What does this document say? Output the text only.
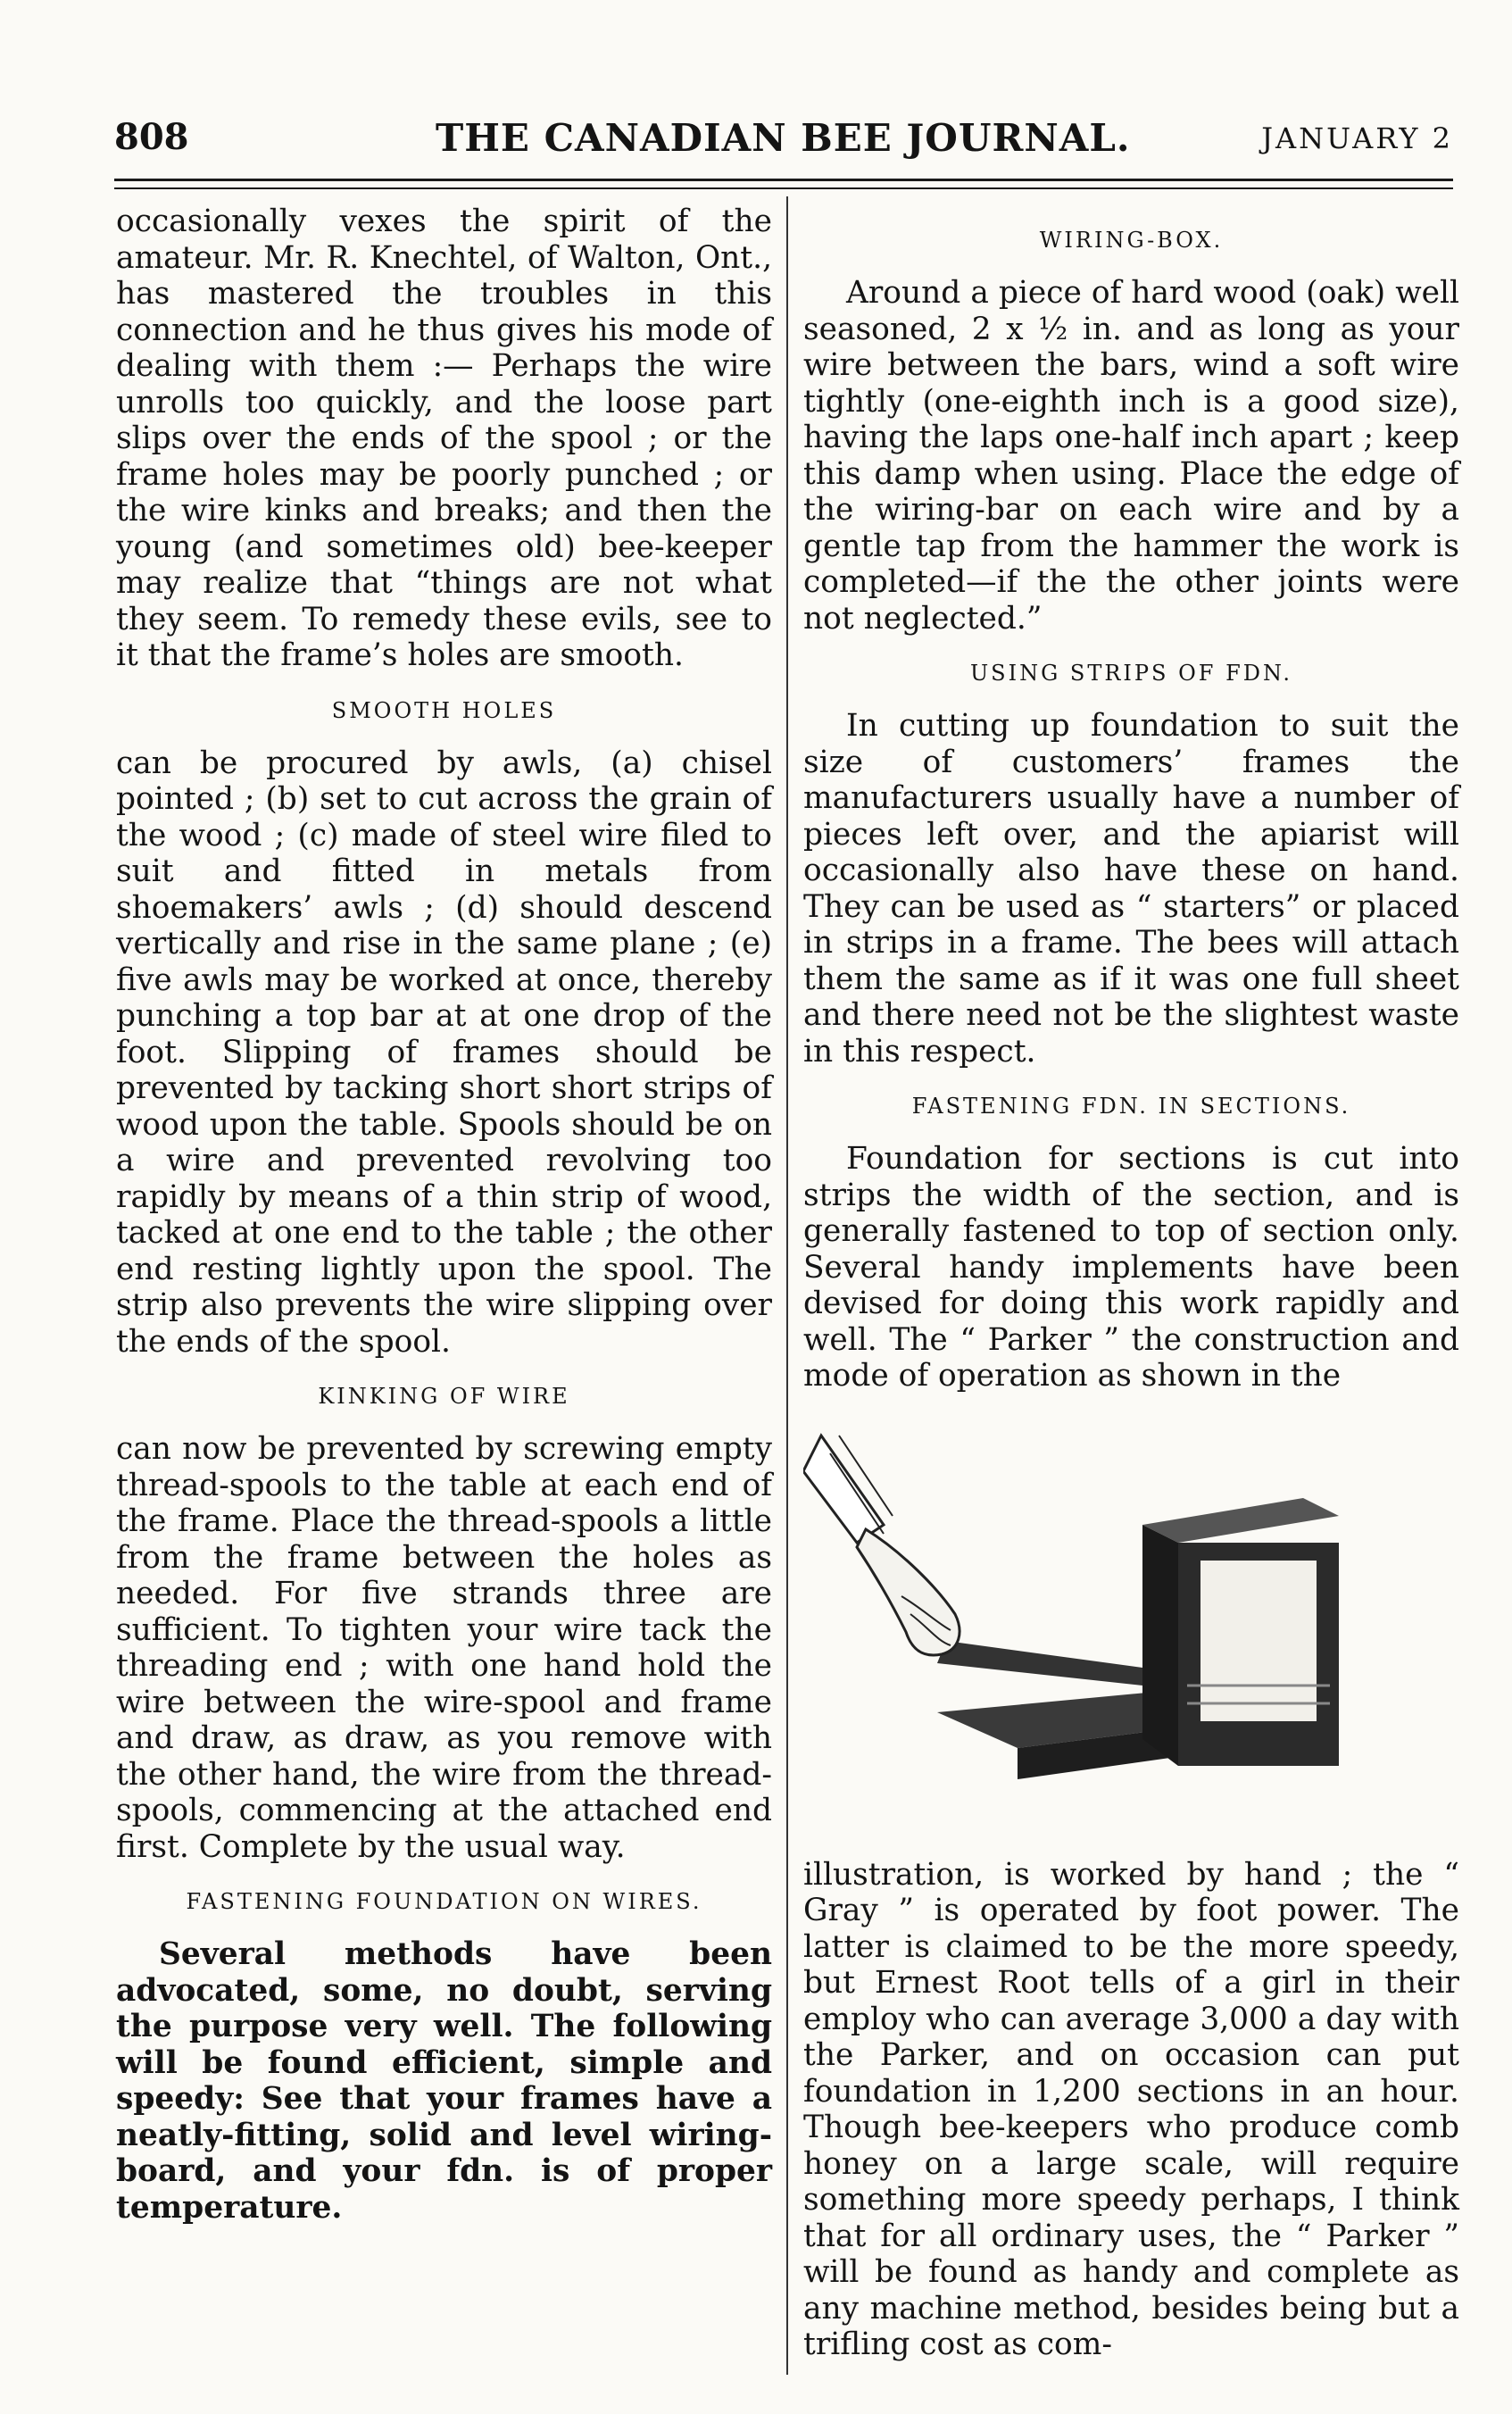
808	THE CANADIAN BEE JOURNAL.	JANUARY 2

occasionally vexes the spirit of the amateur. Mr. R. Knechtel, of Walton, Ont., has mastered the troubles in this connection and he thus gives his mode of dealing with them :— Perhaps the wire unrolls too quickly, and the loose part slips over the ends of the spool ; or the frame holes may be poorly punched ; or the wire kinks and breaks; and then the young (and sometimes old) bee-keeper may realize that “things are not what they seem. To remedy these evils, see to it that the frame’s holes are smooth.

SMOOTH HOLES

can be procured by awls, (a) chisel pointed ; (b) set to cut across the grain of the wood ; (c) made of steel wire filed to suit and fitted in metals from shoemakers’ awls ; (d) should descend vertically and rise in the same plane ; (e) five awls may be worked at once, thereby punching a top bar at at one drop of the foot. Slipping of frames should be prevented by tacking short short strips of wood upon the table. Spools should be on a wire and prevented revolving too rapidly by means of a thin strip of wood, tacked at one end to the table ; the other end resting lightly upon the spool. The strip also prevents the wire slipping over the ends of the spool.

KINKING OF WIRE

can now be prevented by screwing empty thread-spools to the table at each end of the frame. Place the thread-spools a little from the frame between the holes as needed. For five strands three are sufficient. To tighten your wire tack the threading end ; with one hand hold the wire between the wire-spool and frame and draw, as draw, as you remove with the other hand, the wire from the thread-spools, commencing at the attached end first. Complete by the usual way.

FASTENING FOUNDATION ON WIRES.

Several methods have been advocated, some, no doubt, serving the purpose very well. The following will be found efficient, simple and speedy: See that your frames have a neatly-fitting, solid and level wiring-board, and your fdn. is of proper temperature.

WIRING-BOX.

Around a piece of hard wood (oak) well seasoned, 2 x ½ in. and as long as your wire between the bars, wind a soft wire tightly (one-eighth inch is a good size), having the laps one-half inch apart ; keep this damp when using. Place the edge of the wiring-bar on each wire and by a gentle tap from the hammer the work is completed—if the the other joints were not neglected.”

USING STRIPS OF FDN.

In cutting up foundation to suit the size of customers’ frames the manufacturers usually have a number of pieces left over, and the apiarist will occasionally also have these on hand. They can be used as “ starters” or placed in strips in a frame. The bees will attach them the same as if it was one full sheet and there need not be the slightest waste in this respect.

FASTENING FDN. IN SECTIONS.

Foundation for sections is cut into strips the width of the section, and is generally fastened to top of section only. Several handy implements have been devised for doing this work rapidly and well. The “ Parker ” the construction and mode of operation as shown in the

illustration, is worked by hand ; the “ Gray ” is operated by foot power. The latter is claimed to be the more speedy, but Ernest Root tells of a girl in their employ who can average 3,000 a day with the Parker, and on occasion can put foundation in 1,200 sections in an hour. Though bee-keepers who produce comb honey on a large scale, will require something more speedy perhaps, I think that for all ordinary uses, the “ Parker ” will be found as handy and complete as any machine method, besides being but a trifling cost as com-
